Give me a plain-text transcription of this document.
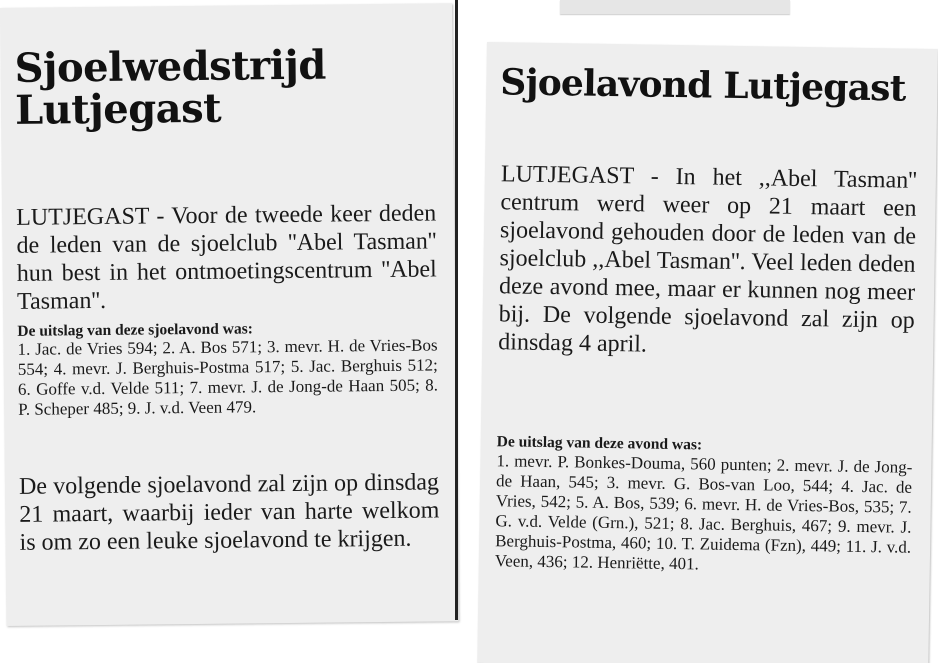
Sjoelwedstrijd Lutjegast

LUTJEGAST - Voor de tweede keer deden de leden van de sjoelclub ''Abel Tasman'' hun best in het ontmoetingscentrum ''Abel Tasman''.

De uitslag van deze sjoelavond was:

1. Jac. de Vries 594; 2. A. Bos 571; 3. mevr. H. de Vries-Bos 554; 4. mevr. J. Berghuis-Postma 517; 5. Jac. Berghuis 512; 6. Goffe v.d. Velde 511; 7. mevr. J. de Jong-de Haan 505; 8. P. Scheper 485; 9. J. v.d. Veen 479.

De volgende sjoelavond zal zijn op dinsdag 21 maart, waarbij ieder van harte welkom is om zo een leuke sjoelavond te krijgen.

Sjoelavond Lutjegast

LUTJEGAST - In het ,,Abel Tasman'' centrum werd weer op 21 maart een sjoelavond gehouden door de leden van de sjoelclub ,,Abel Tasman''. Veel leden deden deze avond mee, maar er kunnen nog meer bij. De volgende sjoelavond zal zijn op dinsdag 4 april.

De uitslag van deze avond was:

1. mevr. P. Bonkes-Douma, 560 punten; 2. mevr. J. de Jong-de Haan, 545; 3. mevr. G. Bos-van Loo, 544; 4. Jac. de Vries, 542; 5. A. Bos, 539; 6. mevr. H. de Vries-Bos, 535; 7. G. v.d. Velde (Grn.), 521; 8. Jac. Berghuis, 467; 9. mevr. J. Berghuis-Postma, 460; 10. T. Zuidema (Fzn), 449; 11. J. v.d. Veen, 436; 12. Henriëtte, 401.
